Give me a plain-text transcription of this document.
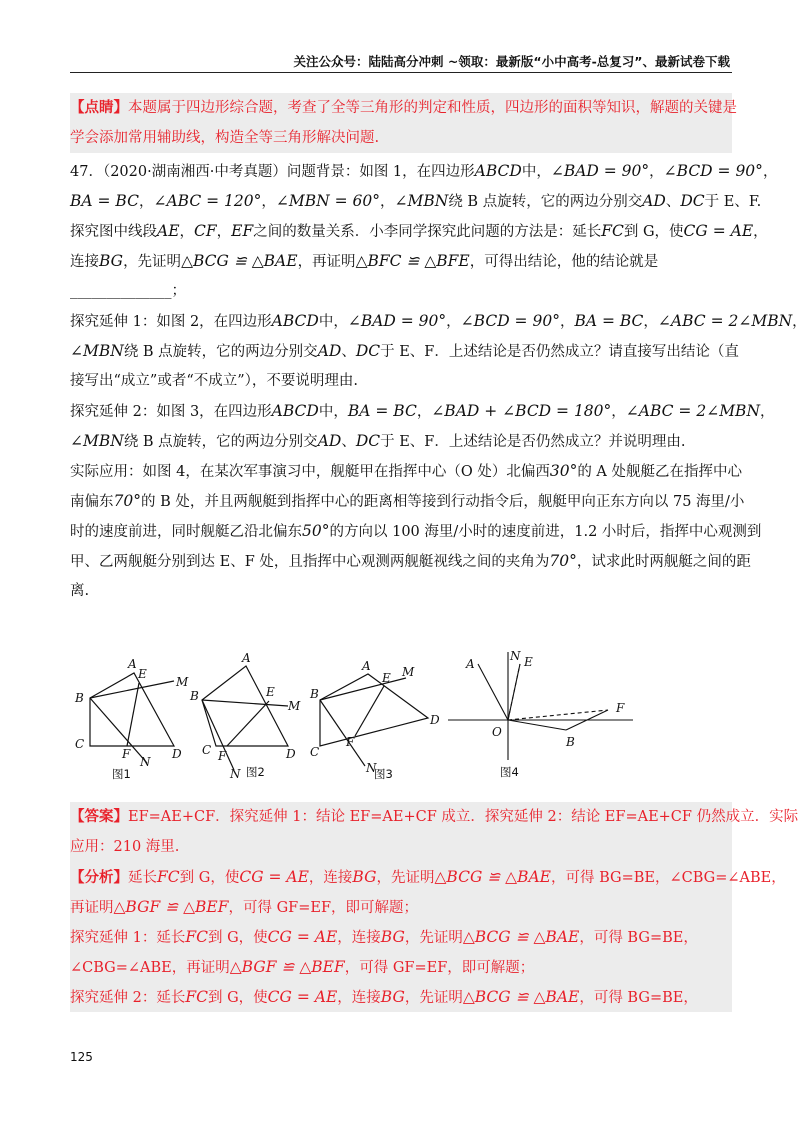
关注公众号：陆陆高分冲刺 ~领取：最新版“小中高考-总复习”、最新试卷下载
【点睛】本题属于四边形综合题，考查了全等三角形的判定和性质，四边形的面积等知识，解题的关键是
学会添加常用辅助线，构造全等三角形解决问题.
47．（2020·湖南湘西·中考真题）问题背景：如图 1，在四边形ABCD中，∠BAD = 90°，∠BCD = 90°，
BA = BC，∠ABC = 120°，∠MBN = 60°，∠MBN绕 B 点旋转，它的两边分别交AD、DC于 E、F.
探究图中线段AE，CF，EF之间的数量关系．小李同学探究此问题的方法是：延长FC到 G，使CG = AE，
连接BG，先证明△BCG ≌ △BAE，再证明△BFC ≌ △BFE，可得出结论，他的结论就是
______________；
探究延伸 1：如图 2，在四边形ABCD中，∠BAD = 90°，∠BCD = 90°，BA = BC，∠ABC = 2∠MBN，
∠MBN绕 B 点旋转，它的两边分别交AD、DC于 E、F．上述结论是否仍然成立？请直接写出结论（直
接写出“成立”或者“不成立”），不要说明理由.
探究延伸 2：如图 3，在四边形ABCD中，BA = BC，∠BAD + ∠BCD = 180°，∠ABC = 2∠MBN，
∠MBN绕 B 点旋转，它的两边分别交AD、DC于 E、F．上述结论是否仍然成立？并说明理由.
实际应用：如图 4，在某次军事演习中，舰艇甲在指挥中心（O 处）北偏西30°的 A 处舰艇乙在指挥中心
南偏东70°的 B 处，并且两舰艇到指挥中心的距离相等接到行动指令后，舰艇甲向正东方向以 75 海里/小
时的速度前进，同时舰艇乙沿北偏东50°的方向以 100 海里/小时的速度前进，1.2 小时后，指挥中心观测到
甲、乙两舰艇分别到达 E、F 处，且指挥中心观测两舰艇视线之间的夹角为70°，试求此时两舰艇之间的距
离.
A
B
C
D
E
F
M
N
图1
A
B
C	D
E
F
M
N 图2
A
B
C
D
E
F
M
N
图3
A
N E
F
O
B
图4
【答案】EF=AE+CF．探究延伸 1：结论 EF=AE+CF 成立．探究延伸 2：结论 EF=AE+CF 仍然成立．实际
应用：210 海里.
【分析】延长FC到 G，使CG = AE，连接BG，先证明△BCG ≌ △BAE，可得 BG=BE，∠CBG=∠ABE，
再证明△BGF ≌ △BEF，可得 GF=EF，即可解题；
探究延伸 1：延长FC到 G，使CG = AE，连接BG，先证明△BCG ≌ △BAE，可得 BG=BE，
∠CBG=∠ABE，再证明△BGF ≌ △BEF，可得 GF=EF，即可解题；
探究延伸 2：延长FC到 G，使CG = AE，连接BG，先证明△BCG ≌ △BAE，可得 BG=BE，
125
